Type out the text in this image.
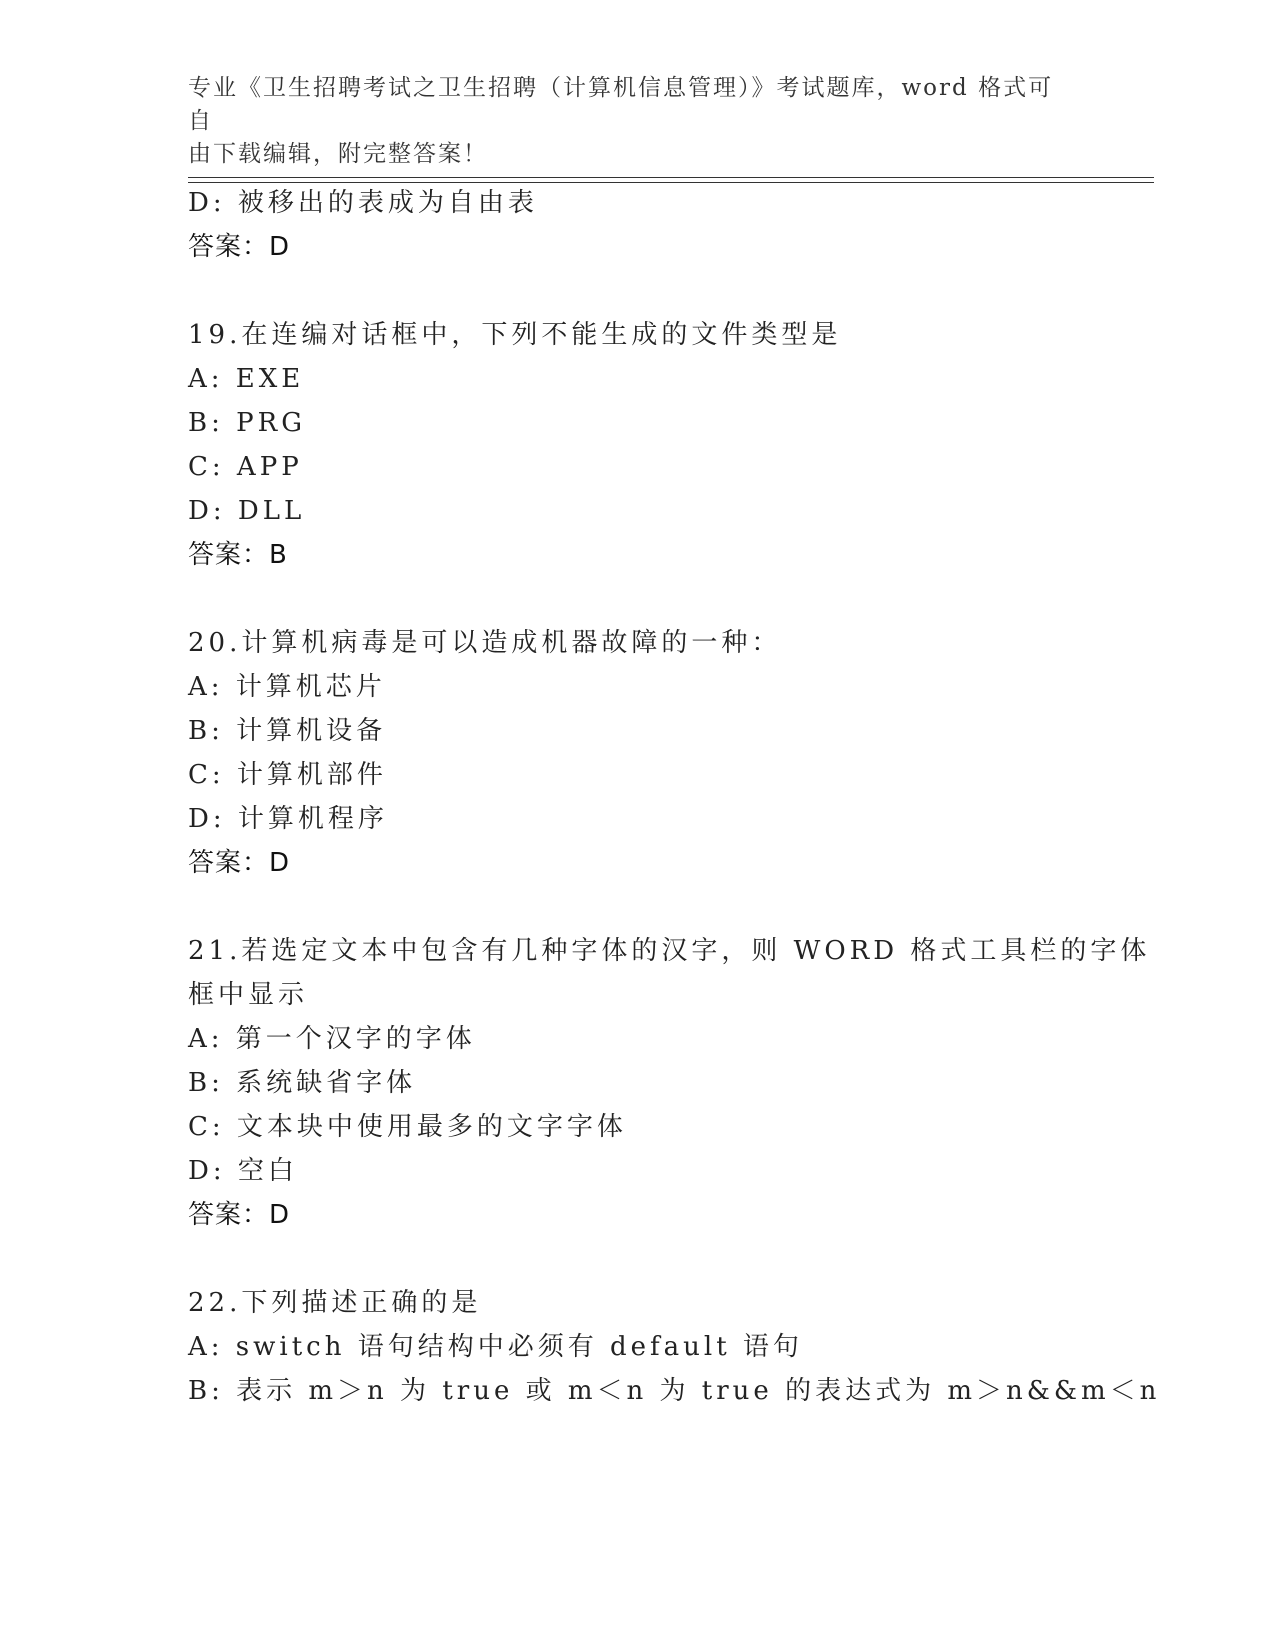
专业《卫生招聘考试之卫生招聘（计算机信息管理）》考试题库，word 格式可自
由下载编辑，附完整答案！
D: 被移出的表成为自由表
答案：D
19.在连编对话框中，下列不能生成的文件类型是
A: EXE
B: PRG
C: APP
D: DLL
答案：B
20.计算机病毒是可以造成机器故障的一种：
A: 计算机芯片
B: 计算机设备
C: 计算机部件
D: 计算机程序
答案：D
21.若选定文本中包含有几种字体的汉字，则 WORD 格式工具栏的字体
框中显示
A: 第一个汉字的字体
B: 系统缺省字体
C: 文本块中使用最多的文字字体
D: 空白
答案：D
22.下列描述正确的是
A: switch 语句结构中必须有 default 语句
B: 表示 m＞n 为 true 或 m＜n 为 true 的表达式为 m＞n&&m＜n
